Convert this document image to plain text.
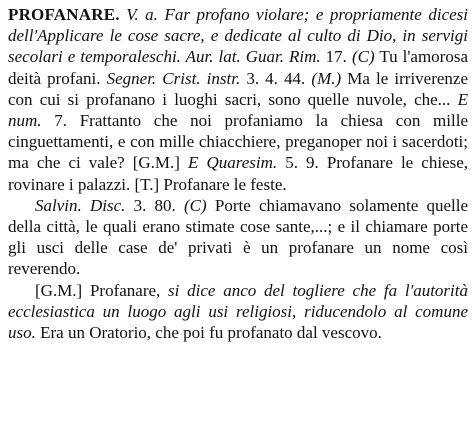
PROFANARE. V. a. Far profano violare; e propriamente dicesi dell'Applicare le cose sacre, e dedicate al culto di Dio, in servigi secolari e temporaleschi. Aur. lat. Guar. Rim. 17. (C) Tu l'amorosa deità profani. Segner. Crist. instr. 3. 4. 44. (M.) Ma le irriverenze con cui si profanano i luoghi sacri, sono quelle nuvole, che... E num. 7. Frattanto che noi profaniamo la chiesa con mille cinguettamenti, e con mille chiacchiere, preganoper noi i sacerdoti; ma che ci vale? [G.M.] E Quaresim. 5. 9. Profanare le chiese, rovinare i palazzi. [T.] Profanare le feste.

Salvin. Disc. 3. 80. (C) Porte chiamavano solamente quelle della città, le quali erano stimate cose sante,...; e il chiamare porte gli usci delle case de' privati è un profanare un nome così reverendo.

[G.M.] Profanare, si dice anco del togliere che fa l'autorità ecclesiastica un luogo agli usi religiosi, riducendolo al comune uso. Era un Oratorio, che poi fu profanato dal vescovo.
